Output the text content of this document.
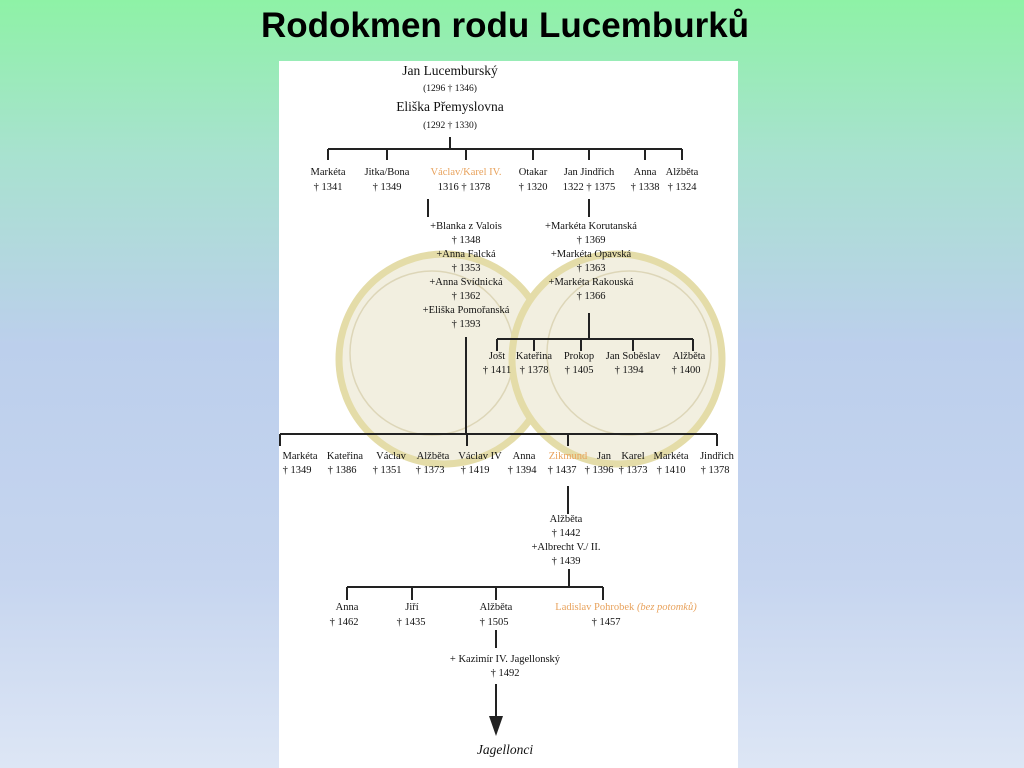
Rodokmen rodu Lucemburků
Jan Lucemburský
(1296 † 1346)
Eliška Přemyslovna
(1292 † 1330)
Markéta
† 1341
Jitka/Bona
† 1349
Václav/Karel IV.
1316 † 1378
Otakar
† 1320
Jan Jindřich
1322 † 1375
Anna
† 1338
Alžběta
† 1324
+Blanka z Valois
† 1348
+Anna Falcká
† 1353
+Anna Svídnická
† 1362
+Eliška Pomořanská
† 1393
+Markéta Korutanská
† 1369
+Markéta Opavská
† 1363
+Markéta Rakouská
† 1366
Jošt
† 1411
Kateřina
† 1378
Prokop
† 1405
Jan Soběslav
† 1394
Alžběta
† 1400
Markéta
† 1349
Kateřina
† 1386
Václav
† 1351
Alžběta
† 1373
Václav IV
† 1419
Anna
† 1394
Zikmund
† 1437
Jan
† 1396
Karel
† 1373
Markéta
† 1410
Jindřich
† 1378
Alžběta
† 1442
+Albrecht V./ II.
† 1439
Anna
† 1462
Jiří
† 1435
Alžběta
† 1505
Ladislav Pohrobek (bez potomků)
† 1457
+ Kazimír IV. Jagellonský
† 1492
Jagellonci
